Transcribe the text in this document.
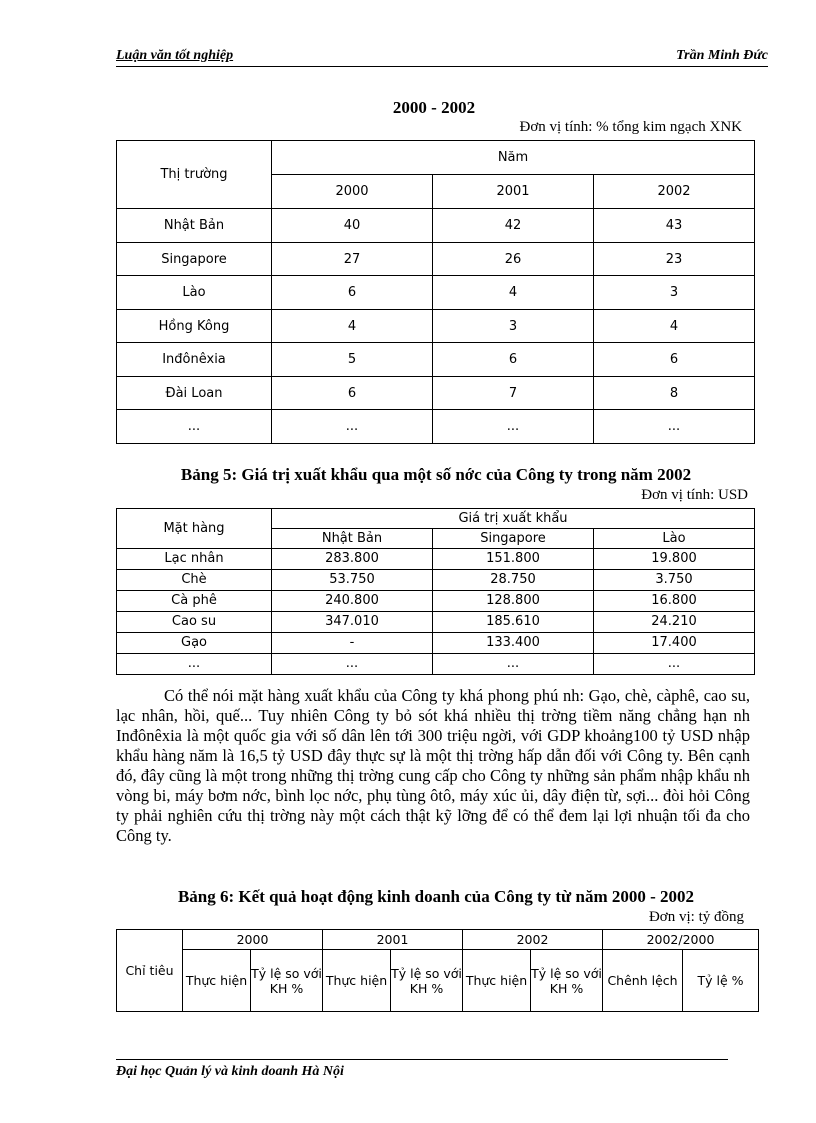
Luận văn tốt nghiệp	Trần Minh Đức
2000 - 2002
Đơn vị tính: % tổng kim ngạch XNK
Thị trường	Năm		
	2000	2001	2002
Nhật Bản	40	42	43
Singapore	27	26	23
Lào	6	4	3
Hồng Kông	4	3	4
Inđônêxia	5	6	6
Đài Loan	6	7	8
...	...	...	...
Bảng 5: Giá trị xuất khẩu qua một số nớc của Công ty trong năm 2002
Đơn vị tính: USD
Mặt hàng	Giá trị xuất khẩu		
	Nhật Bản	Singapore	Lào
Lạc nhân	283.800	151.800	19.800
Chè	53.750	28.750	3.750
Cà phê	240.800	128.800	16.800
Cao su	347.010	185.610	24.210
Gạo	-	133.400	17.400
...	...	...	...

Có thể nói mặt hàng xuất khẩu của Công ty khá phong phú nh: Gạo, chè, càphê, cao su, lạc nhân, hồi, quế... Tuy nhiên Công ty bỏ sót khá nhiều thị trờng tiềm năng chẳng hạn nh Inđônêxia là một quốc gia với số dân lên tới 300 triệu ngời, với GDP khoảng100 tỷ USD nhập khẩu hàng năm là 16,5 tỷ USD đây thực sự là một thị trờng hấp dẫn đối với Công ty. Bên cạnh đó, đây cũng là một trong những thị trờng cung cấp cho Công ty những sản phẩm nhập khẩu nh vòng bi, máy bơm nớc, bình lọc nớc, phụ tùng ôtô, máy xúc ủi, dây điện từ, sợi... đòi hỏi Công ty phải nghiên cứu thị trờng này một cách thật kỹ lỡng để có thể đem lại lợi nhuận tối đa cho Công ty.

Bảng 6: Kết quả hoạt động kinh doanh của Công ty từ năm 2000 - 2002
Đơn vị: tỷ đồng
Chỉ tiêu	2000		2001		2002		2002/2000	
	Thực hiện	Tỷ lệ so với KH %	Thực hiện	Tỷ lệ so với KH %	Thực hiện	Tỷ lệ so với KH %	Chênh lệch	Tỷ lệ %
Đại học Quản lý và kinh doanh Hà Nội
